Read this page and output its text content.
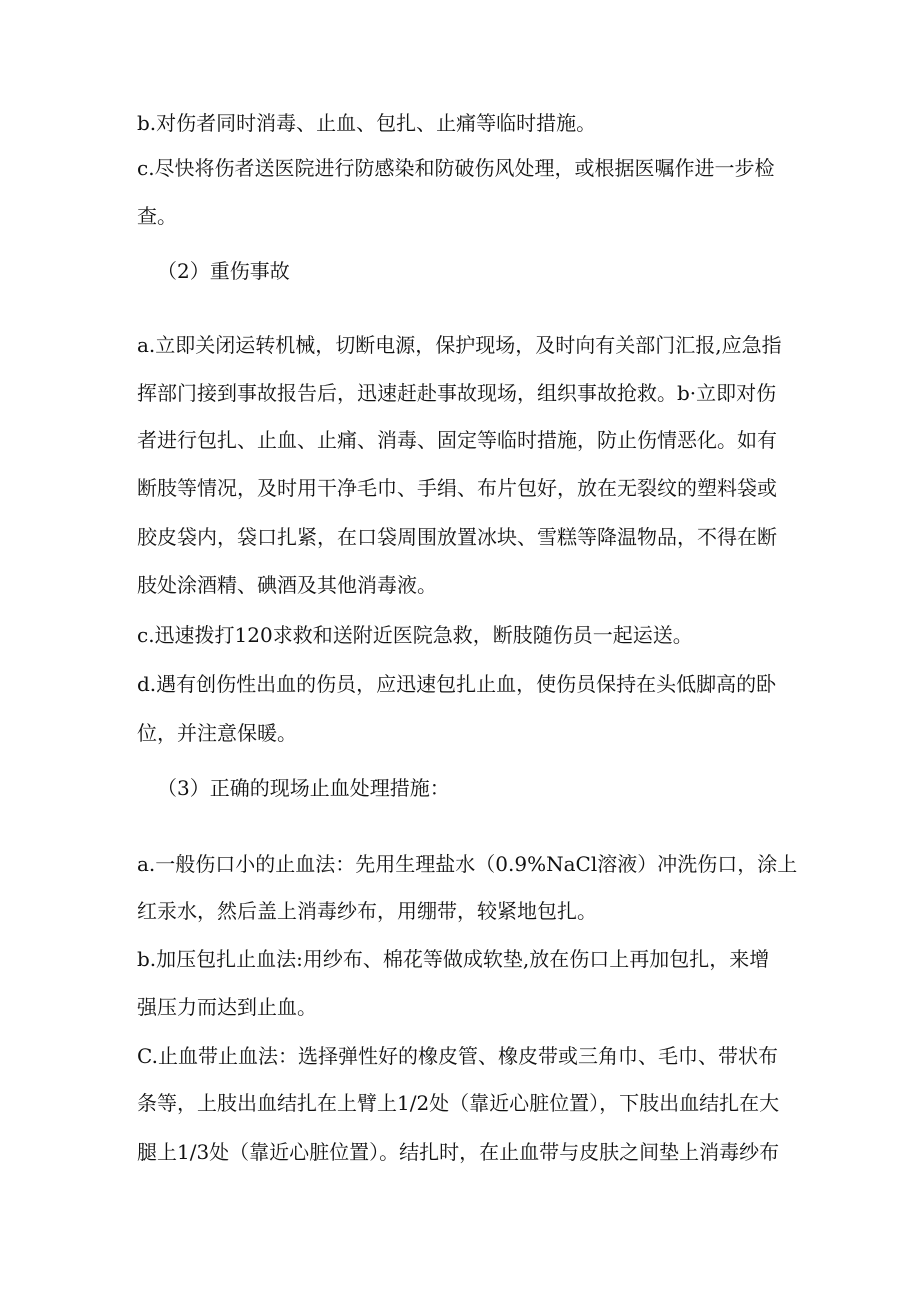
b.对伤者同时消毒、止血、包扎、止痛等临时措施。
c.尽快将伤者送医院进行防感染和防破伤风处理，或根据医嘱作进一步检
查。
（2）重伤事故
a.立即关闭运转机械，切断电源，保护现场，及时向有关部门汇报,应急指
挥部门接到事故报告后，迅速赶赴事故现场，组织事故抢救。b·立即对伤
者进行包扎、止血、止痛、消毒、固定等临时措施，防止伤情恶化。如有
断肢等情况，及时用干净毛巾、手绢、布片包好，放在无裂纹的塑料袋或
胶皮袋内，袋口扎紧，在口袋周围放置冰块、雪糕等降温物品，不得在断
肢处涂酒精、碘酒及其他消毒液。
c.迅速拨打120求救和送附近医院急救，断肢随伤员一起运送。
d.遇有创伤性出血的伤员，应迅速包扎止血，使伤员保持在头低脚高的卧
位，并注意保暖。
（3）正确的现场止血处理措施：
a.一般伤口小的止血法：先用生理盐水（0.9%NaCl溶液）冲洗伤口，涂上
红汞水，然后盖上消毒纱布，用绷带，较紧地包扎。
b.加压包扎止血法:用纱布、棉花等做成软垫,放在伤口上再加包扎，来增
强压力而达到止血。
C.止血带止血法：选择弹性好的橡皮管、橡皮带或三角巾、毛巾、带状布
条等，上肢出血结扎在上臂上1/2处（靠近心脏位置），下肢出血结扎在大
腿上1/3处（靠近心脏位置）。结扎时，在止血带与皮肤之间垫上消毒纱布
